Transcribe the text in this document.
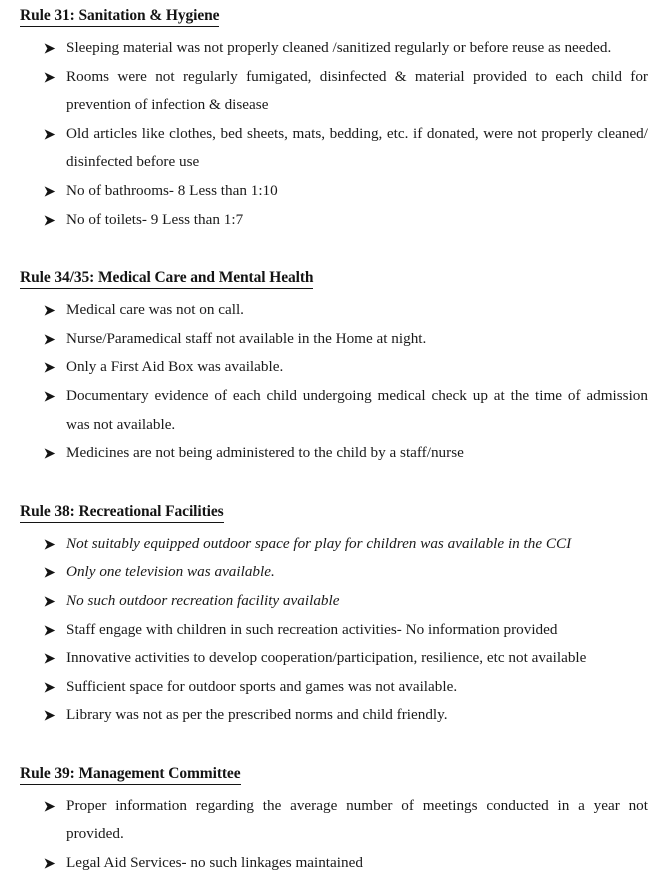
Rule 31: Sanitation & Hygiene
Sleeping material was not properly cleaned /sanitized regularly or before reuse as needed.
Rooms were not regularly fumigated, disinfected & material provided to each child for prevention of infection & disease
Old articles like clothes, bed sheets, mats, bedding, etc. if donated, were not properly cleaned/ disinfected before use
No of bathrooms- 8 Less than 1:10
No of toilets- 9 Less than 1:7
Rule 34/35: Medical Care and Mental Health
Medical care was not on call.
Nurse/Paramedical staff not available in the Home at night.
Only a First Aid Box was available.
Documentary evidence of each child undergoing medical check up at the time of admission was not available.
Medicines are not being administered to the child by a staff/nurse
Rule 38: Recreational Facilities
Not suitably equipped outdoor space for play for children was available in the CCI
Only one television was available.
No such outdoor recreation facility available
Staff engage with children in such recreation activities- No information provided
Innovative activities to develop cooperation/participation, resilience, etc not available
Sufficient space for outdoor sports and games was not available.
Library was not as per the prescribed norms and child friendly.
Rule 39: Management Committee
Proper information regarding the average number of meetings conducted in a year not provided.
Legal Aid Services- no such linkages maintained
